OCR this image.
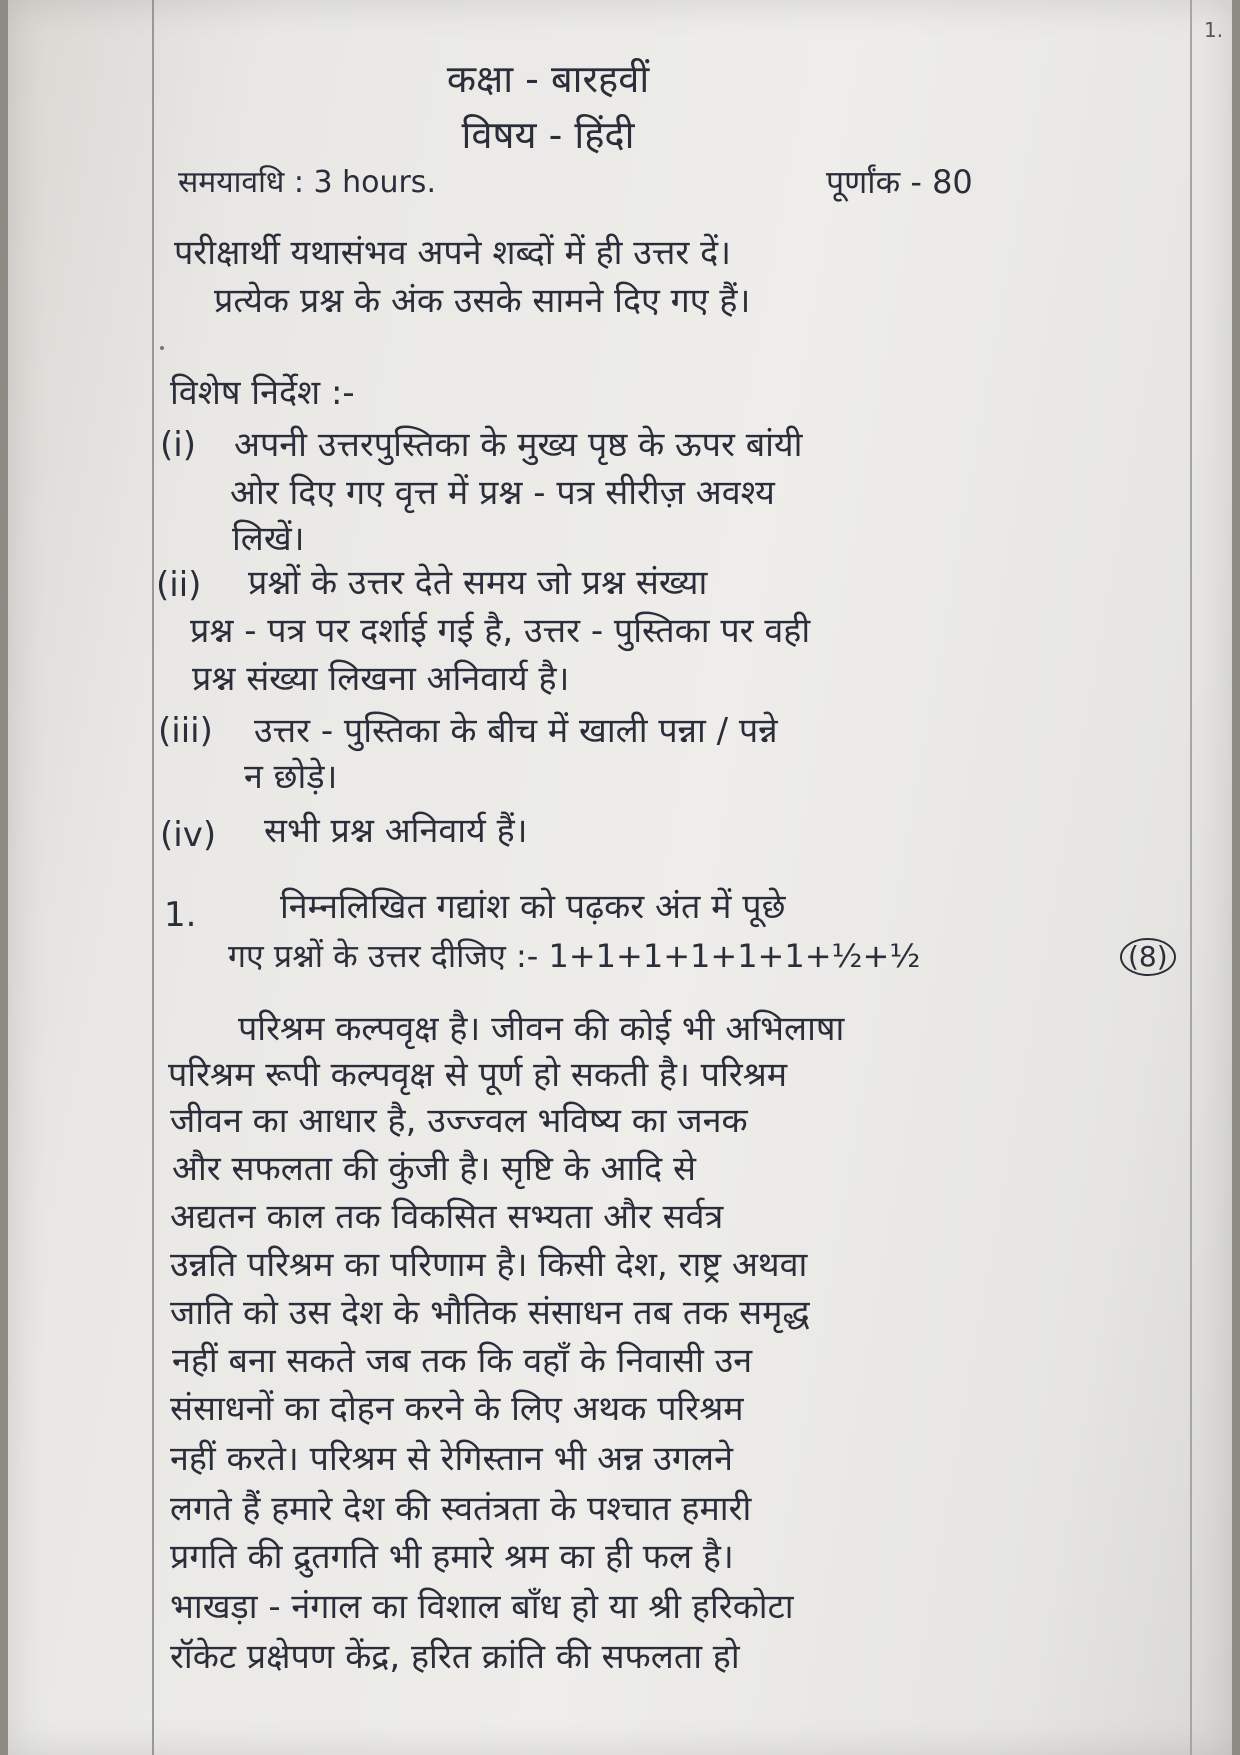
1.
कक्षा - बारहवीं
विषय - हिंदी
समयावधि : 3 hours.	पूर्णांक - 80
परीक्षार्थी यथासंभव अपने शब्दों में ही उत्तर दें।
प्रत्येक प्रश्न के अंक उसके सामने दिए गए हैं।
विशेष निर्देश :-
(i) अपनी उत्तरपुस्तिका के मुख्य पृष्ठ के ऊपर बांयी
ओर दिए गए वृत्त में प्रश्न - पत्र सीरीज़ अवश्य
लिखें।
(ii) प्रश्नों के उत्तर देते समय जो प्रश्न संख्या
प्रश्न - पत्र पर दर्शाई गई है, उत्तर - पुस्तिका पर वही
प्रश्न संख्या लिखना अनिवार्य है।
(iii) उत्तर - पुस्तिका के बीच में खाली पन्ना / पन्ने
न छोड़े।
(iv) सभी प्रश्न अनिवार्य हैं।
1. निम्नलिखित गद्यांश को पढ़कर अंत में पूछे
गए प्रश्नों के उत्तर दीजिए :- 1+1+1+1+1+1+½+½	(8)
परिश्रम कल्पवृक्ष है। जीवन की कोई भी अभिलाषा
परिश्रम रूपी कल्पवृक्ष से पूर्ण हो सकती है। परिश्रम
जीवन का आधार है, उज्ज्वल भविष्य का जनक
और सफलता की कुंजी है। सृष्टि के आदि से
अद्यतन काल तक विकसित सभ्यता और सर्वत्र
उन्नति परिश्रम का परिणाम है। किसी देश, राष्ट्र अथवा
जाति को उस देश के भौतिक संसाधन तब तक समृद्ध
नहीं बना सकते जब तक कि वहाँ के निवासी उन
संसाधनों का दोहन करने के लिए अथक परिश्रम
नहीं करते। परिश्रम से रेगिस्तान भी अन्न उगलने
लगते हैं हमारे देश की स्वतंत्रता के पश्चात हमारी
प्रगति की द्रुतगति भी हमारे श्रम का ही फल है।
भाखड़ा - नंगाल का विशाल बाँध हो या श्री हरिकोटा
रॉकेट प्रक्षेपण केंद्र, हरित क्रांति की सफलता हो
